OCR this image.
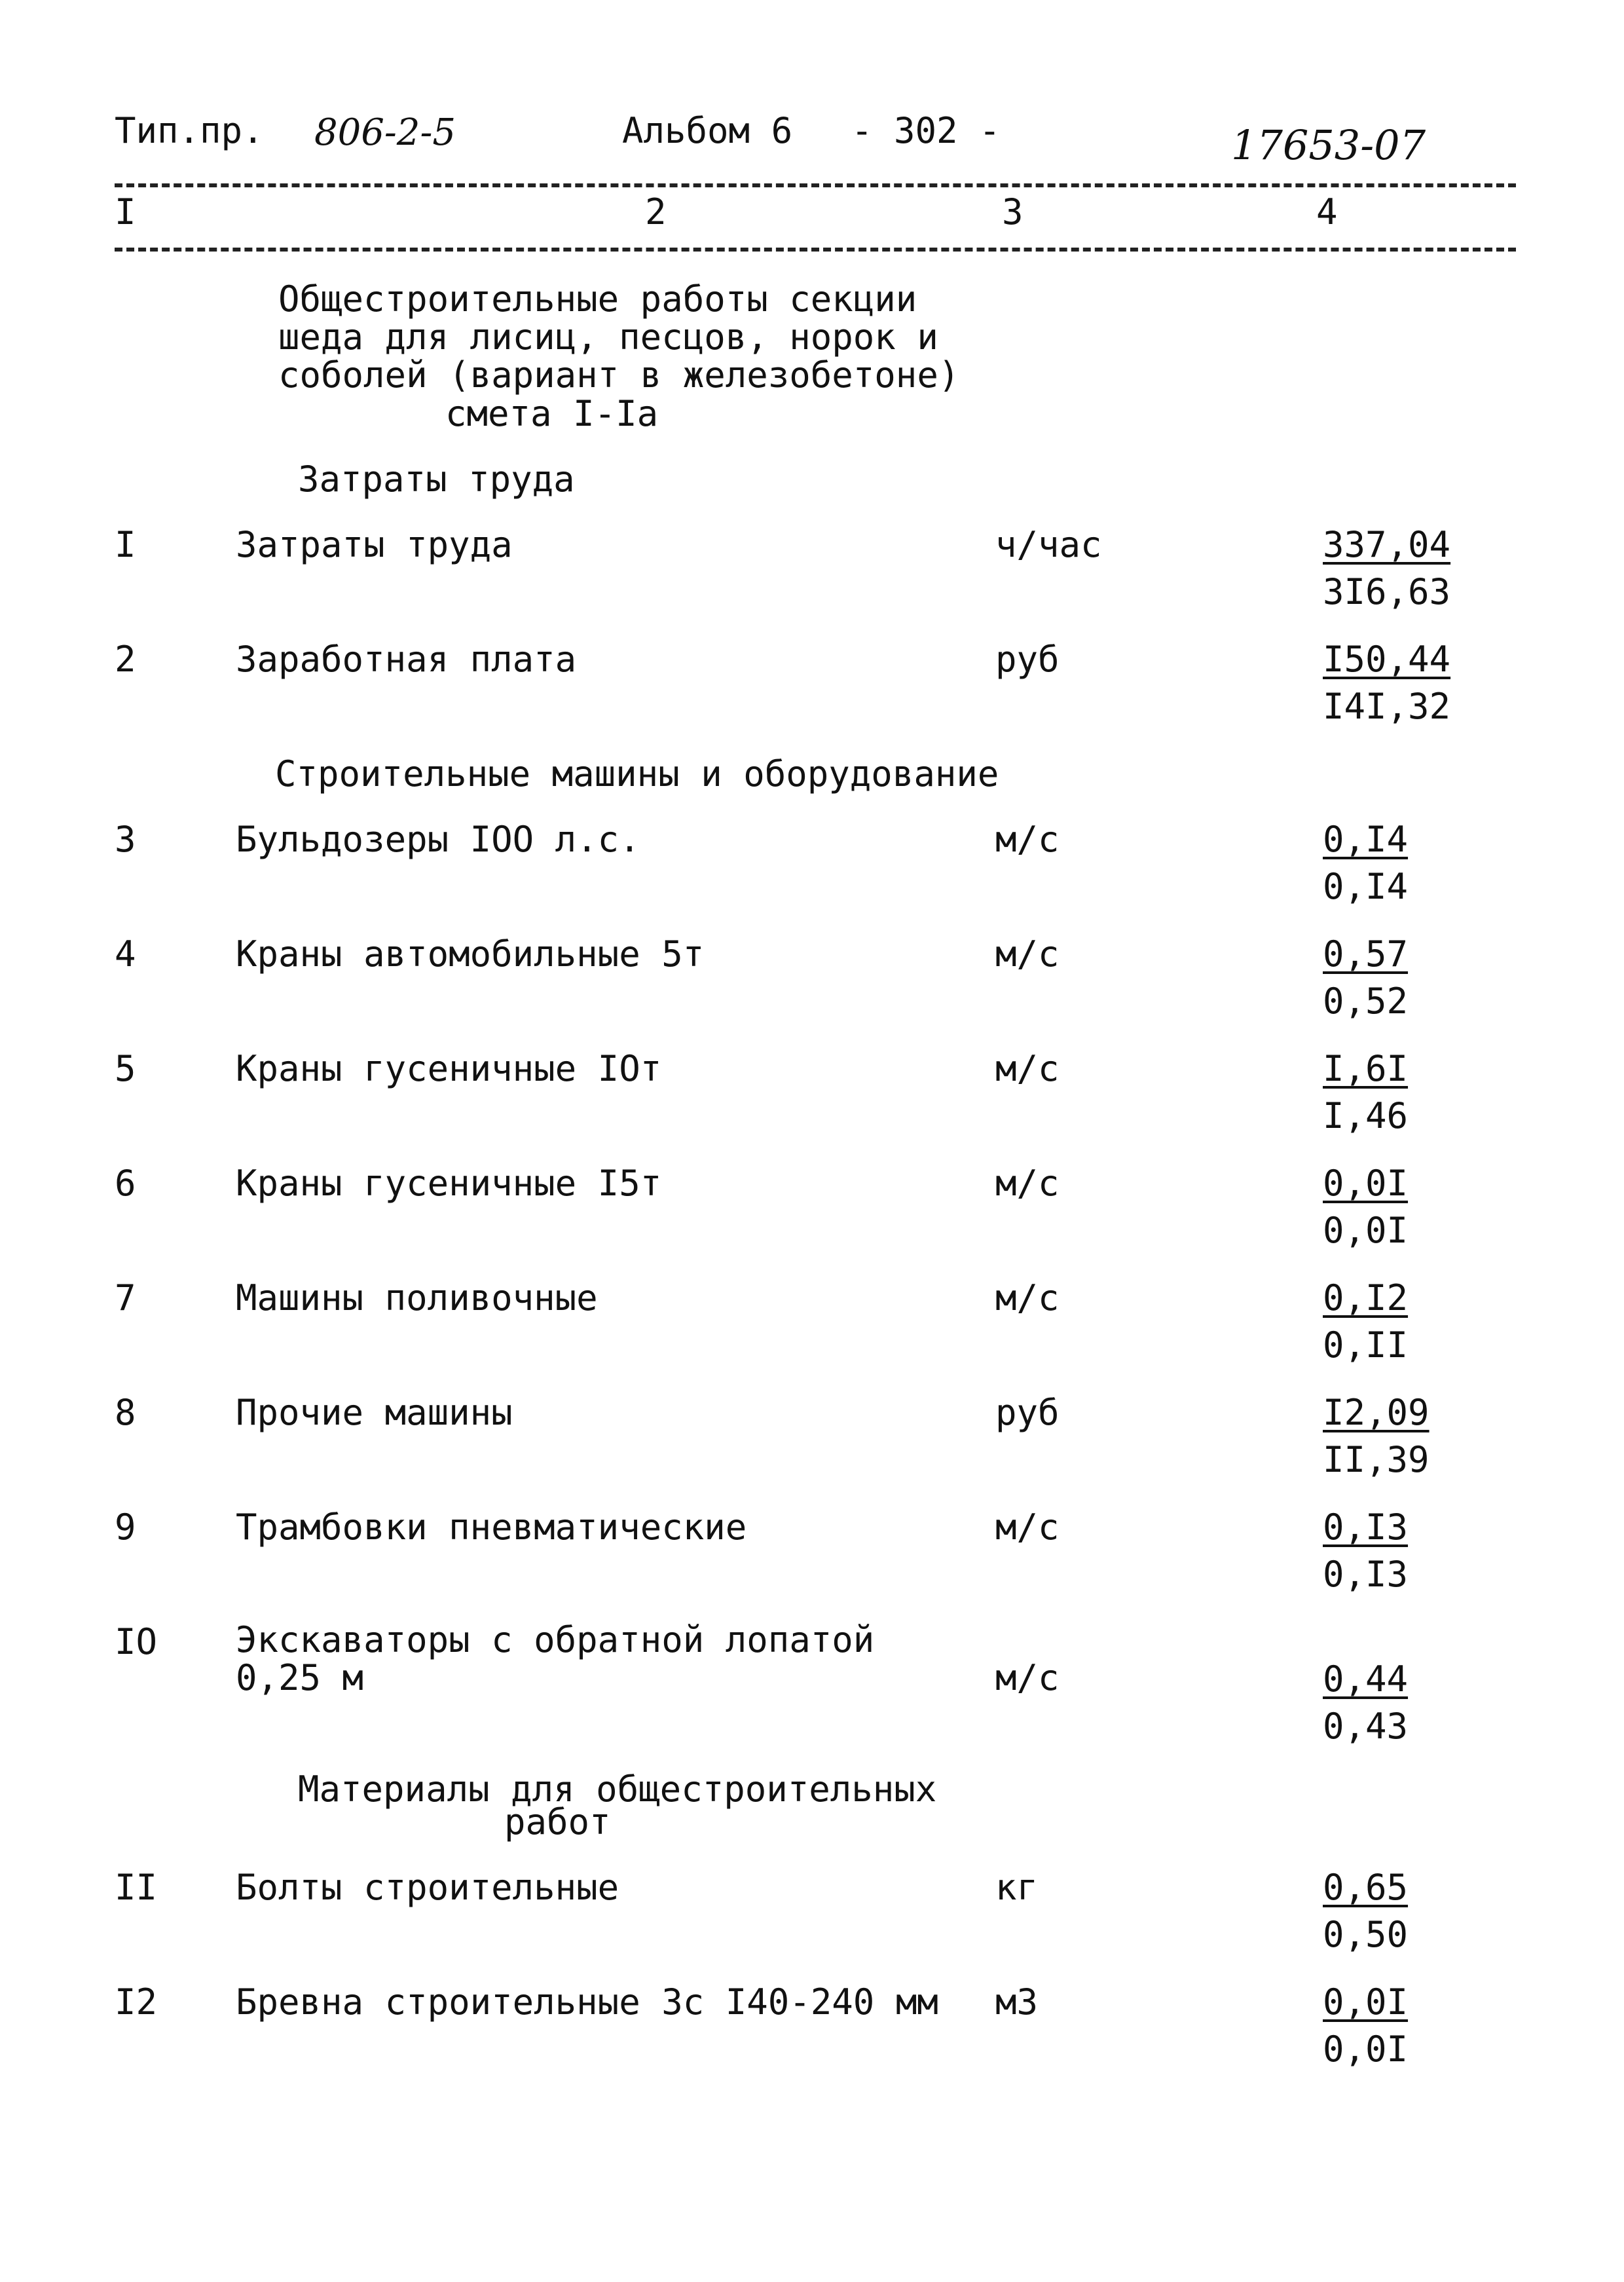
Тип.пр. 806-2-5	Альбом 6 - 302 -	17653-07
I	2	3	4
Общестроительные работы секции
шеда для лисиц, песцов, норок и
соболей (вариант в железобетоне)
смета I-Iа
Затраты труда
I	Затраты труда	ч/час	337,04
3I6,63
2	Заработная плата	руб	I50,44
I4I,32
Строительные машины и оборудование
3	Бульдозеры IOO л.с.	м/с	0,I4
0,I4
4	Краны автомобильные 5т	м/с	0,57
0,52
5	Краны гусеничные IOт	м/с	I,6I
I,46
6	Краны гусеничные I5т	м/с	0,0I
0,0I
7	Машины поливочные	м/с	0,I2
0,II
8	Прочие машины	руб	I2,09
II,39
9	Трамбовки пневматические	м/с	0,I3
0,I3
IO Экскаваторы с обратной лопатой
0,25 м	м/с	0,44
0,43
Материалы для общестроительных
работ
II Болты строительные	кг	0,65
0,50
I2 Бревна строительные 3с I40-240 мм м3	0,0I
0,0I
